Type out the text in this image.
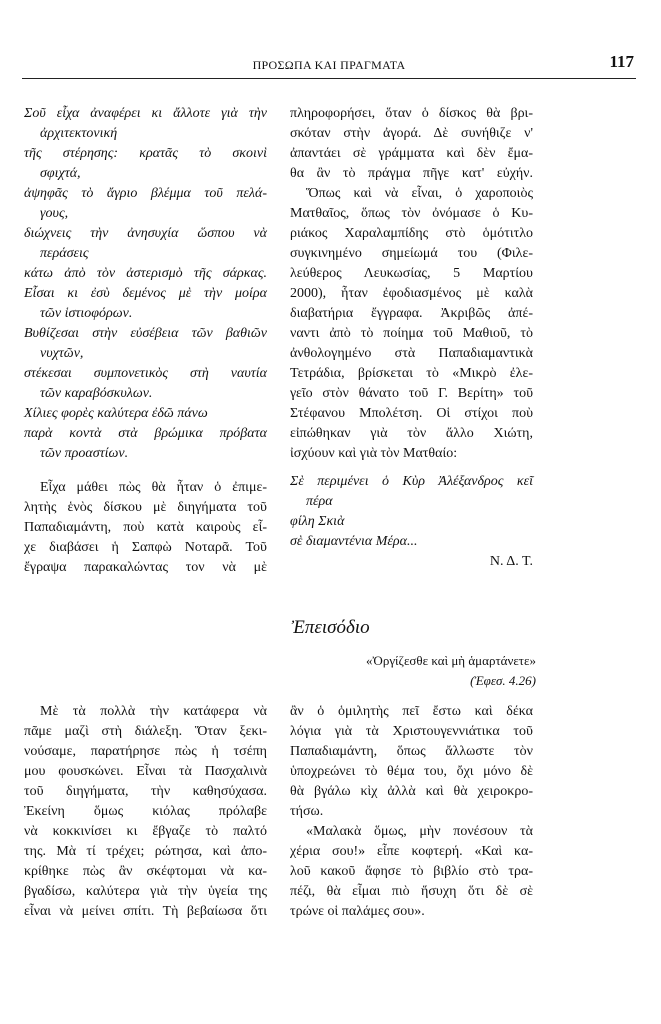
ΠΡΟΣΩΠΑ ΚΑΙ ΠΡΑΓΜΑΤΑ	117
Σοῦ εἶχα ἀναφέρει κι ἄλλοτε γιὰ τὴν
ἀρχιτεκτονική
τῆς στέρησης: κρατᾶς τὸ σκοινὶ
σφιχτά,
ἀψηφᾶς τὸ ἄγριο βλέμμα τοῦ πελά-
γους,
διώχνεις τὴν ἀνησυχία ὥσπου νὰ
περάσεις
κάτω ἀπὸ τὸν ἀστερισμὸ τῆς σάρκας.
Εἶσαι κι ἐσὺ δεμένος μὲ τὴν μοίρα
τῶν ἱστιοφόρων.
Βυθίζεσαι στὴν εὐσέβεια τῶν βαθιῶν
νυχτῶν,
στέκεσαι συμπονετικὸς στὴ ναυτία
τῶν καραβόσκυλων.
Χίλιες φορὲς καλύτερα ἐδῶ πάνω
παρὰ κοντὰ στὰ βρώμικα πρόβατα
τῶν προαστίων.
Εἶχα μάθει πὼς θὰ ἦταν ὁ ἐπιμε-
λητὴς ἑνὸς δίσκου μὲ διηγήματα τοῦ
Παπαδιαμάντη, ποὺ κατὰ καιροὺς εἶ-
χε διαβάσει ἡ Σαπφὼ Νοταρᾶ. Τοῦ
ἔγραψα παρακαλώντας τον νὰ μὲ
πληροφορήσει, ὅταν ὁ δίσκος θὰ βρι-
σκόταν στὴν ἀγορά. Δὲ συνήθιζε ν'
ἀπαντάει σὲ γράμματα καὶ δὲν ἔμα-
θα ἂν τὸ πράγμα πῆγε κατ' εὐχήν.
Ὅπως καὶ νὰ εἶναι, ὁ χαροποιὸς
Ματθαῖος, ὅπως τὸν ὀνόμασε ὁ Κυ-
ριάκος Χαραλαμπίδης στὸ ὁμότιτλο
συγκινημένο σημείωμά του (Φιλε-
λεύθερος Λευκωσίας, 5 Μαρτίου
2000), ἦταν ἐφοδιασμένος μὲ καλὰ
διαβατήρια ἔγγραφα. Ἀκριβῶς ἀπέ-
ναντι ἀπὸ τὸ ποίημα τοῦ Μαθιοῦ, τὸ
ἀνθολογημένο στὰ Παπαδιαμαντικὰ
Τετράδια, βρίσκεται τὸ «Μικρὸ ἐλε-
γεῖο στὸν θάνατο τοῦ Γ. Βερίτη» τοῦ
Στέφανου Μπολέτση. Οἱ στίχοι ποὺ
εἰπώθηκαν γιὰ τὸν ἄλλο Χιώτη,
ἰσχύουν καὶ γιὰ τὸν Ματθαίο:
Σὲ περιμένει ὁ Κὺρ Ἀλέξανδρος κεῖ
πέρα
φίλη Σκιὰ
σὲ διαμαντένια Μέρα...
Ν. Δ. Τ.
Ἐπεισόδιο
«Ὀργίζεσθε καὶ μὴ ἁμαρτάνετε»
(Ἐφεσ. 4.26)
Μὲ τὰ πολλὰ τὴν κατάφερα νὰ
πᾶμε μαζὶ στὴ διάλεξη. Ὅταν ξεκι-
νούσαμε, παρατήρησε πὼς ἡ τσέπη
μου φουσκώνει. Εἶναι τὰ Πασχαλινὰ
τοῦ διηγήματα, τὴν καθησύχασα.
Ἐκείνη ὅμως κιόλας πρόλαβε
νὰ κοκκινίσει κι ἔβγαζε τὸ παλτό
της. Μὰ τί τρέχει; ρώτησα, καὶ ἀπο-
κρίθηκε πὼς ἂν σκέφτομαι νὰ κα-
βγαδίσω, καλύτερα γιὰ τὴν ὑγεία της
εἶναι νὰ μείνει σπίτι. Τὴ βεβαίωσα ὅτι
ἂν ὁ ὁμιλητὴς πεῖ ἔστω καὶ δέκα
λόγια γιὰ τὰ Χριστουγεννιάτικα τοῦ
Παπαδιαμάντη, ὅπως ἄλλωστε τὸν
ὑποχρεώνει τὸ θέμα του, ὄχι μόνο δὲ
θὰ βγάλω κὶχ ἀλλὰ καὶ θὰ χειροκρο-
τήσω.
«Μαλακὰ ὅμως, μὴν πονέσουν τὰ
χέρια σου!» εἶπε κοφτερή. «Καὶ κα-
λοῦ κακοῦ ἄφησε τὸ βιβλίο στὸ τρα-
πέζι, θὰ εἶμαι πιὸ ἥσυχη ὅτι δὲ σὲ
τρώνε οἱ παλάμες σου».
